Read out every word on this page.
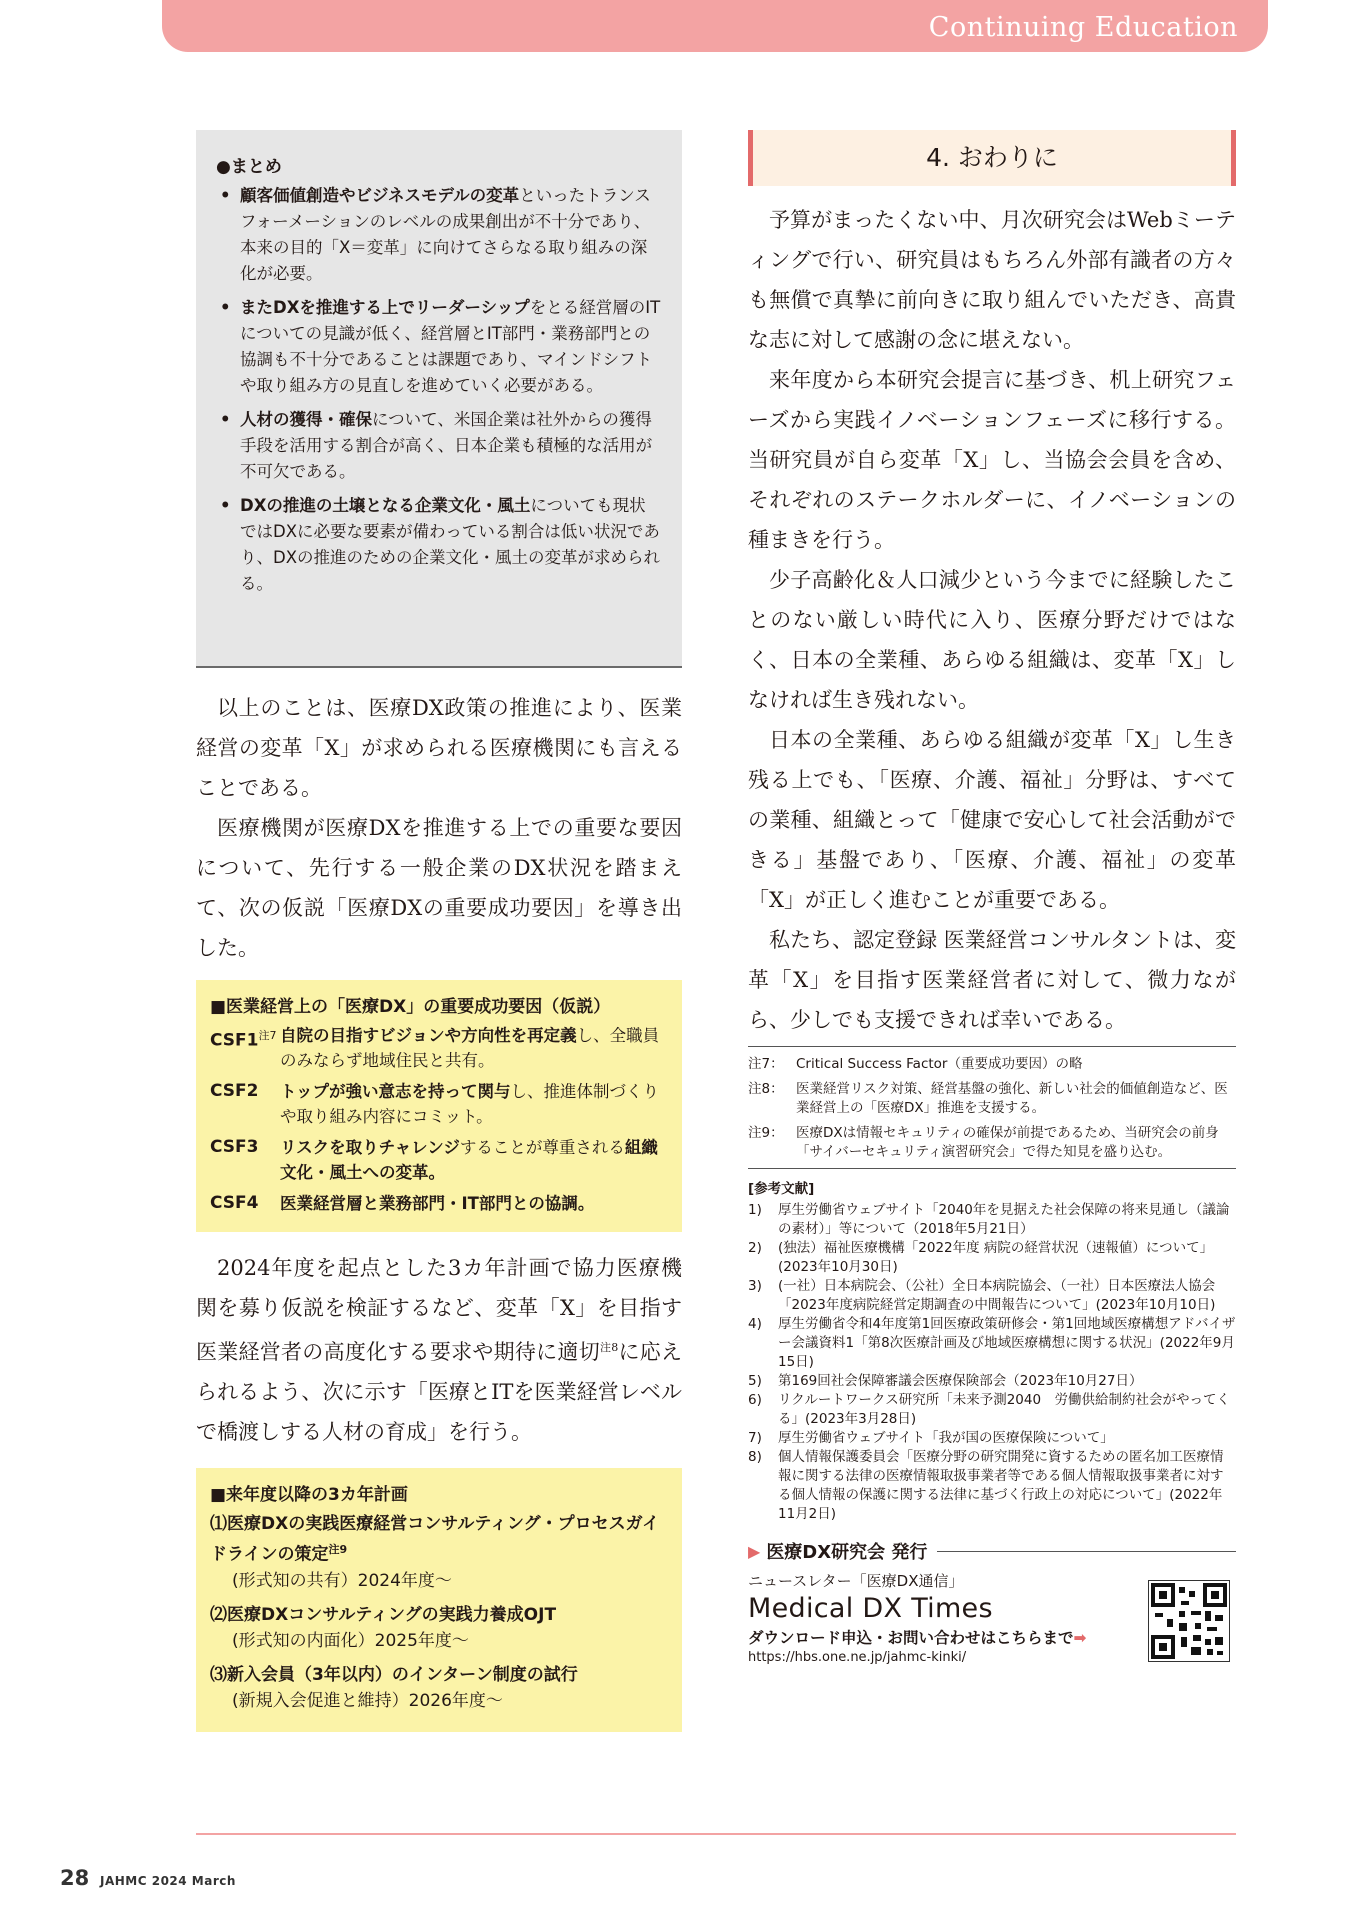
Continuing Education
●まとめ
• 顧客価値創造やビジネスモデルの変革といったトランスフォーメーションのレベルの成果創出が不十分であり、本来の目的「X＝変革」に向けてさらなる取り組みの深化が必要。
• またDXを推進する上でリーダーシップをとる経営層のITについての見識が低く、経営層とIT部門・業務部門との協調も不十分であることは課題であり、マインドシフトや取り組み方の見直しを進めていく必要がある。
• 人材の獲得・確保について、米国企業は社外からの獲得手段を活用する割合が高く、日本企業も積極的な活用が不可欠である。
• DXの推進の土壌となる企業文化・風土についても現状ではDXに必要な要素が備わっている割合は低い状況であり、DXの推進のための企業文化・風土の変革が求められる。

以上のことは、医療DX政策の推進により、医業経営の変革「X」が求められる医療機関にも言えることである。

医療機関が医療DXを推進する上での重要な要因について、先行する一般企業のDX状況を踏まえて、次の仮説「医療DXの重要成功要因」を導き出した。

■医業経営上の「医療DX」の重要成功要因（仮説）
CSF1$^{注7}$ 自院の目指すビジョンや方向性を再定義し、全職員のみならず地域住民と共有。
CSF2	トップが強い意志を持って関与し、推進体制づくりや取り組み内容にコミット。
CSF3	リスクを取りチャレンジすることが尊重される組織文化・風土への変革。
CSF4	医業経営層と業務部門・IT部門との協調。

2024年度を起点とした3カ年計画で協力医療機関を募り仮説を検証するなど、変革「X」を目指す医業経営者の高度化する要求や期待に適切$^{注8}$に応えられるよう、次に示す「医療とITを医業経営レベルで橋渡しする人材の育成」を行う。

■来年度以降の3カ年計画
⑴医療DXの実践医療経営コンサルティング・プロセスガイドラインの策定$^{注9}$
(形式知の共有）2024年度〜
⑵医療DXコンサルティングの実践力養成OJT
(形式知の内面化）2025年度〜
⑶新入会員（3年以内）のインターン制度の試行
(新規入会促進と維持）2026年度〜
4. おわりに

予算がまったくない中、月次研究会はWebミーティングで行い、研究員はもちろん外部有識者の方々も無償で真摯に前向きに取り組んでいただき、高貴な志に対して感謝の念に堪えない。

来年度から本研究会提言に基づき、机上研究フェーズから実践イノベーションフェーズに移行する。当研究員が自ら変革「X」し、当協会会員を含め、それぞれのステークホルダーに、イノベーションの種まきを行う。

少子高齢化＆人口減少という今までに経験したことのない厳しい時代に入り、医療分野だけではなく、日本の全業種、あらゆる組織は、変革「X」しなければ生き残れない。

日本の全業種、あらゆる組織が変革「X」し生き残る上でも、「医療、介護、福祉」分野は、すべての業種、組織とって「健康で安心して社会活動ができる」基盤であり、「医療、介護、福祉」の変革「X」が正しく進むことが重要である。

私たち、認定登録 医業経営コンサルタントは、変革「X」を目指す医業経営者に対して、微力ながら、少しでも支援できれば幸いである。

注7： Critical Success Factor（重要成功要因）の略
注8： 医業経営リスク対策、経営基盤の強化、新しい社会的価値創造など、医業経営上の「医療DX」推進を支援する。
注9： 医療DXは情報セキュリティの確保が前提であるため、当研究会の前身「サイバーセキュリティ演習研究会」で得た知見を盛り込む。
[参考文献]
1)	厚生労働省ウェブサイト「2040年を見据えた社会保障の将来見通し（議論の素材）」等について（2018年5月21日）
2)	(独法）福祉医療機構「2022年度 病院の経営状況（速報値）について」(2023年10月30日)
3)	(一社）日本病院会、（公社）全日本病院協会、（一社）日本医療法人協会「2023年度病院経営定期調査の中間報告について」(2023年10月10日)
4)	厚生労働省令和4年度第1回医療政策研修会・第1回地域医療構想アドバイザー会議資料1「第8次医療計画及び地域医療構想に関する状況」(2022年9月15日)
5)	第169回社会保障審議会医療保険部会（2023年10月27日）
6)	リクルートワークス研究所「未来予測2040　労働供給制約社会がやってくる」(2023年3月28日)
7)	厚生労働省ウェブサイト「我が国の医療保険について」
8)	個人情報保護委員会「医療分野の研究開発に資するための匿名加工医療情報に関する法律の医療情報取扱事業者等である個人情報取扱事業者に対する個人情報の保護に関する法律に基づく行政上の対応について」(2022年11月2日)
▶ 医療DX研究会 発行
ニュースレター「医療DX通信」
Medical DX Times
ダウンロード申込・お問い合わせはこちらまで➡
https://hbs.one.ne.jp/jahmc-kinki/
28 JAHMC 2024 March
